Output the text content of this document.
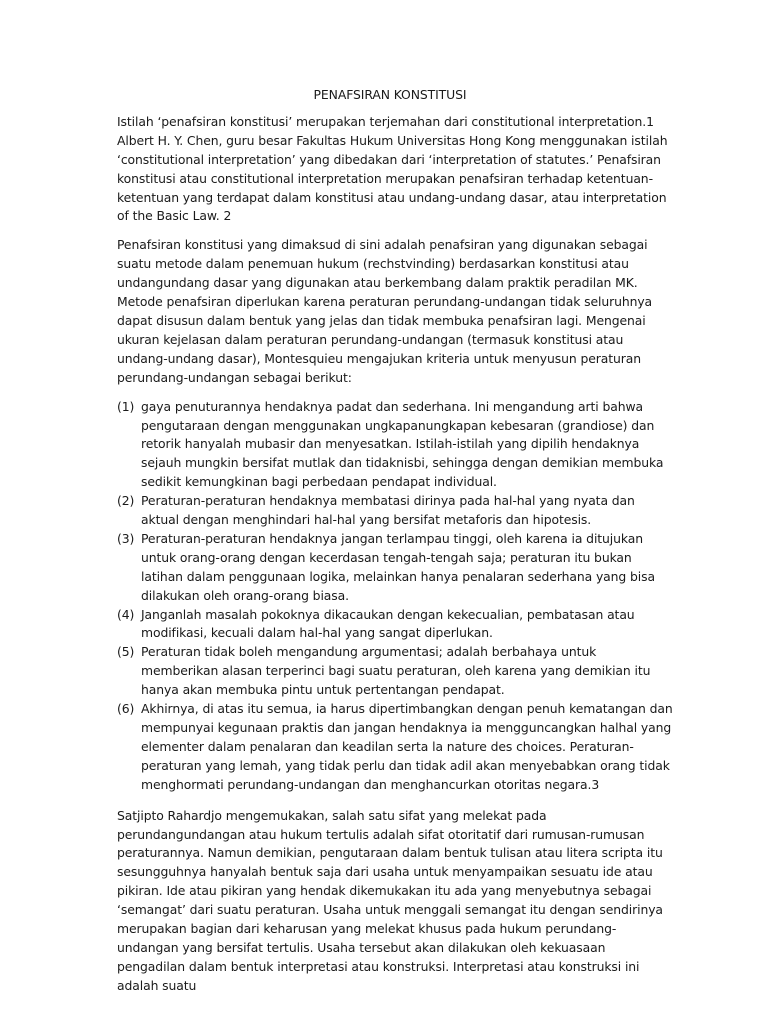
PENAFSIRAN KONSTITUSI

Istilah ‘penafsiran konstitusi’ merupakan terjemahan dari constitutional interpretation.1 Albert H. Y. Chen, guru besar Fakultas Hukum Universitas Hong Kong menggunakan istilah ‘constitutional interpretation’ yang dibedakan dari ‘interpretation of statutes.’ Penafsiran konstitusi atau constitutional interpretation merupakan penafsiran terhadap ketentuan-ketentuan yang terdapat dalam konstitusi atau undang-undang dasar, atau interpretation of the Basic Law. 2

Penafsiran konstitusi yang dimaksud di sini adalah penafsiran yang digunakan sebagai suatu metode dalam penemuan hukum (rechstvinding) berdasarkan konstitusi atau undangundang dasar yang digunakan atau berkembang dalam praktik peradilan MK. Metode penafsiran diperlukan karena peraturan perundang-undangan tidak seluruhnya dapat disusun dalam bentuk yang jelas dan tidak membuka penafsiran lagi. Mengenai ukuran kejelasan dalam peraturan perundang-undangan (termasuk konstitusi atau undang-undang dasar), Montesquieu mengajukan kriteria untuk menyusun peraturan perundang-undangan sebagai berikut:

(1) gaya penuturannya hendaknya padat dan sederhana. Ini mengandung arti bahwa pengutaraan dengan menggunakan ungkapanungkapan kebesaran (grandiose) dan retorik hanyalah mubasir dan menyesatkan. Istilah-istilah yang dipilih hendaknya sejauh mungkin bersifat mutlak dan tidaknisbi, sehingga dengan demikian membuka sedikit kemungkinan bagi perbedaan pendapat individual.
(2) Peraturan-peraturan hendaknya membatasi dirinya pada hal-hal yang nyata dan aktual dengan menghindari hal-hal yang bersifat metaforis dan hipotesis.
(3) Peraturan-peraturan hendaknya jangan terlampau tinggi, oleh karena ia ditujukan untuk orang-orang dengan kecerdasan tengah-tengah saja; peraturan itu bukan latihan dalam penggunaan logika, melainkan hanya penalaran sederhana yang bisa dilakukan oleh orang-orang biasa.
(4) Janganlah masalah pokoknya dikacaukan dengan kekecualian, pembatasan atau modifikasi, kecuali dalam hal-hal yang sangat diperlukan.
(5) Peraturan tidak boleh mengandung argumentasi; adalah berbahaya untuk memberikan alasan terperinci bagi suatu peraturan, oleh karena yang demikian itu hanya akan membuka pintu untuk pertentangan pendapat.
(6) Akhirnya, di atas itu semua, ia harus dipertimbangkan dengan penuh kematangan dan mempunyai kegunaan praktis dan jangan hendaknya ia mengguncangkan halhal yang elementer dalam penalaran dan keadilan serta la nature des choices. Peraturan-peraturan yang lemah, yang tidak perlu dan tidak adil akan menyebabkan orang tidak menghormati perundang-undangan dan menghancurkan otoritas negara.3

Satjipto Rahardjo mengemukakan, salah satu sifat yang melekat pada perundangundangan atau hukum tertulis adalah sifat otoritatif dari rumusan-rumusan peraturannya. Namun demikian, pengutaraan dalam bentuk tulisan atau litera scripta itu sesungguhnya hanyalah bentuk saja dari usaha untuk menyampaikan sesuatu ide atau pikiran. Ide atau pikiran yang hendak dikemukakan itu ada yang menyebutnya sebagai ‘semangat’ dari suatu peraturan. Usaha untuk menggali semangat itu dengan sendirinya merupakan bagian dari keharusan yang melekat khusus pada hukum perundang-undangan yang bersifat tertulis. Usaha tersebut akan dilakukan oleh kekuasaan pengadilan dalam bentuk interpretasi atau konstruksi. Interpretasi atau konstruksi ini adalah suatu
